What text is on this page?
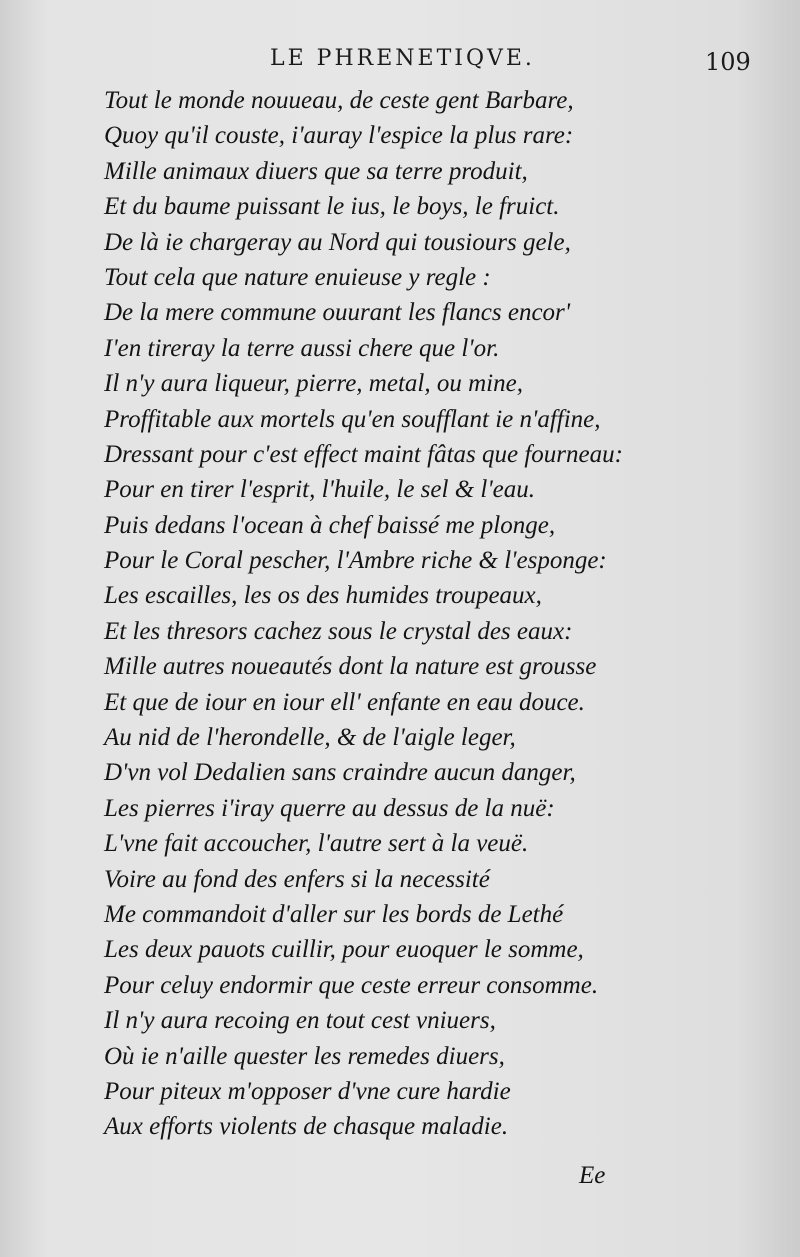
LE PHRENETIQVE.	109
Tout le monde nouueau, de ceste gent Barbare,
Quoy qu'il couste, i'auray l'espice la plus rare:
Mille animaux diuers que sa terre produit,
Et du baume puissant le ius, le boys, le fruict.
De là ie chargeray au Nord qui tousiours gele,
Tout cela que nature enuieuse y regle :
De la mere commune ouurant les flancs encor'
I'en tireray la terre aussi chere que l'or.
Il n'y aura liqueur, pierre, metal, ou mine,
Proffitable aux mortels qu'en soufflant ie n'affine,
Dressant pour c'est effect maint fâtas que fourneau:
Pour en tirer l'esprit, l'huile, le sel & l'eau.
Puis dedans l'ocean à chef baissé me plonge,
Pour le Coral pescher, l'Ambre riche & l'esponge:
Les escailles, les os des humides troupeaux,
Et les thresors cachez sous le crystal des eaux:
Mille autres noueautés dont la nature est grousse
Et que de iour en iour ell' enfante en eau douce.
Au nid de l'herondelle, & de l'aigle leger,
D'vn vol Dedalien sans craindre aucun danger,
Les pierres i'iray querre au dessus de la nuë:
L'vne fait accoucher, l'autre sert à la veuë.
Voire au fond des enfers si la necessité
Me commandoit d'aller sur les bords de Lethé
Les deux pauots cuillir, pour euoquer le somme,
Pour celuy endormir que ceste erreur consomme.
Il n'y aura recoing en tout cest vniuers,
Où ie n'aille quester les remedes diuers,
Pour piteux m'opposer d'vne cure hardie
Aux efforts violents de chasque maladie.
Ee
